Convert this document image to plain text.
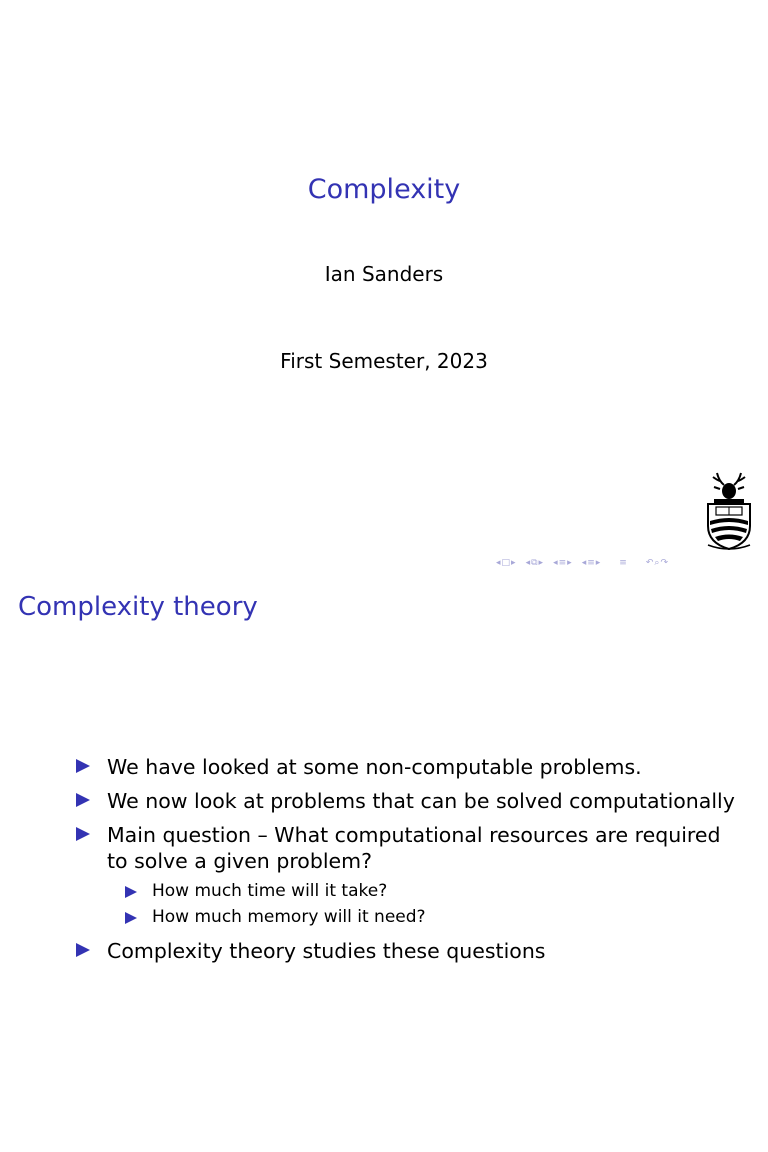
Complexity
Ian Sanders
First Semester, 2023
◂ □ ▸ ◂ ⧉ ▸ ◂ ≡ ▸ ◂ ≡ ▸ ≡ ↶ ⌕ ↷
Complexity theory
We have looked at some non-computable problems.
We now look at problems that can be solved computationally
Main question – What computational resources are required to solve a given problem?
How much time will it take?
How much memory will it need?
Complexity theory studies these questions
